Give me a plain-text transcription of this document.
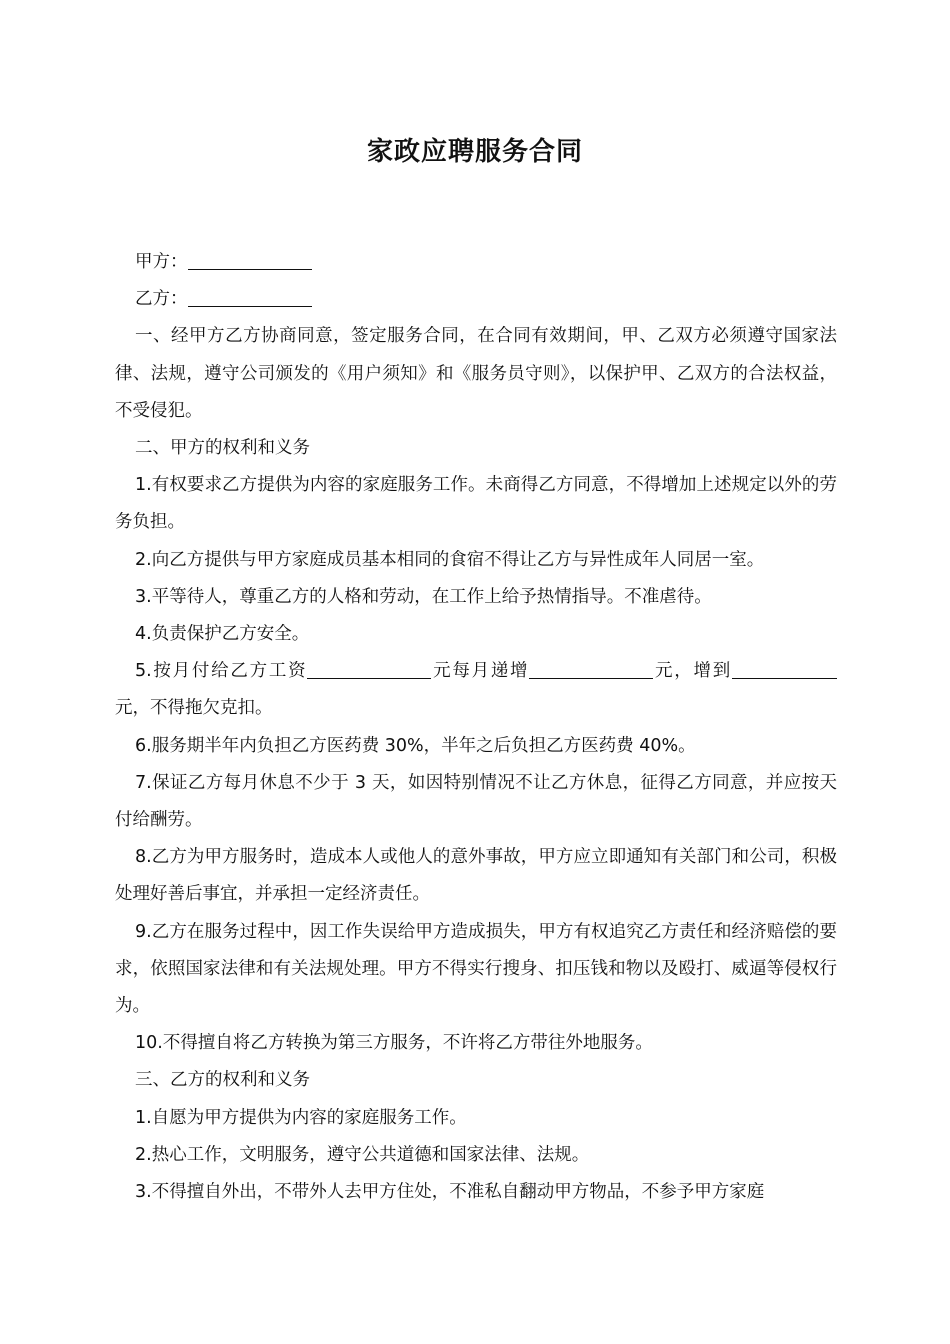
家政应聘服务合同

甲方：

乙方：

一、经甲方乙方协商同意，签定服务合同，在合同有效期间，甲、乙双方必须遵守国家法律、法规，遵守公司颁发的《用户须知》和《服务员守则》，以保护甲、乙双方的合法权益，不受侵犯。

二、甲方的权利和义务

1.有权要求乙方提供为内容的家庭服务工作。未商得乙方同意，不得增加上述规定以外的劳务负担。

2.向乙方提供与甲方家庭成员基本相同的食宿不得让乙方与异性成年人同居一室。

3.平等待人，尊重乙方的人格和劳动，在工作上给予热情指导。不准虐待。

4.负责保护乙方安全。

5.按月付给乙方工资	元每月递增	元，增到元，不得拖欠克扣。

6.服务期半年内负担乙方医药费 30%，半年之后负担乙方医药费 40%。

7.保证乙方每月休息不少于 3 天，如因特别情况不让乙方休息，征得乙方同意，并应按天付给酬劳。

8.乙方为甲方服务时，造成本人或他人的意外事故，甲方应立即通知有关部门和公司，积极处理好善后事宜，并承担一定经济责任。

9.乙方在服务过程中，因工作失误给甲方造成损失，甲方有权追究乙方责任和经济赔偿的要求，依照国家法律和有关法规处理。甲方不得实行搜身、扣压钱和物以及殴打、威逼等侵权行为。

10.不得擅自将乙方转换为第三方服务，不许将乙方带往外地服务。

三、乙方的权利和义务

1.自愿为甲方提供为内容的家庭服务工作。

2.热心工作，文明服务，遵守公共道德和国家法律、法规。

3.不得擅自外出，不带外人去甲方住处，不准私自翻动甲方物品，不参予甲方家庭
